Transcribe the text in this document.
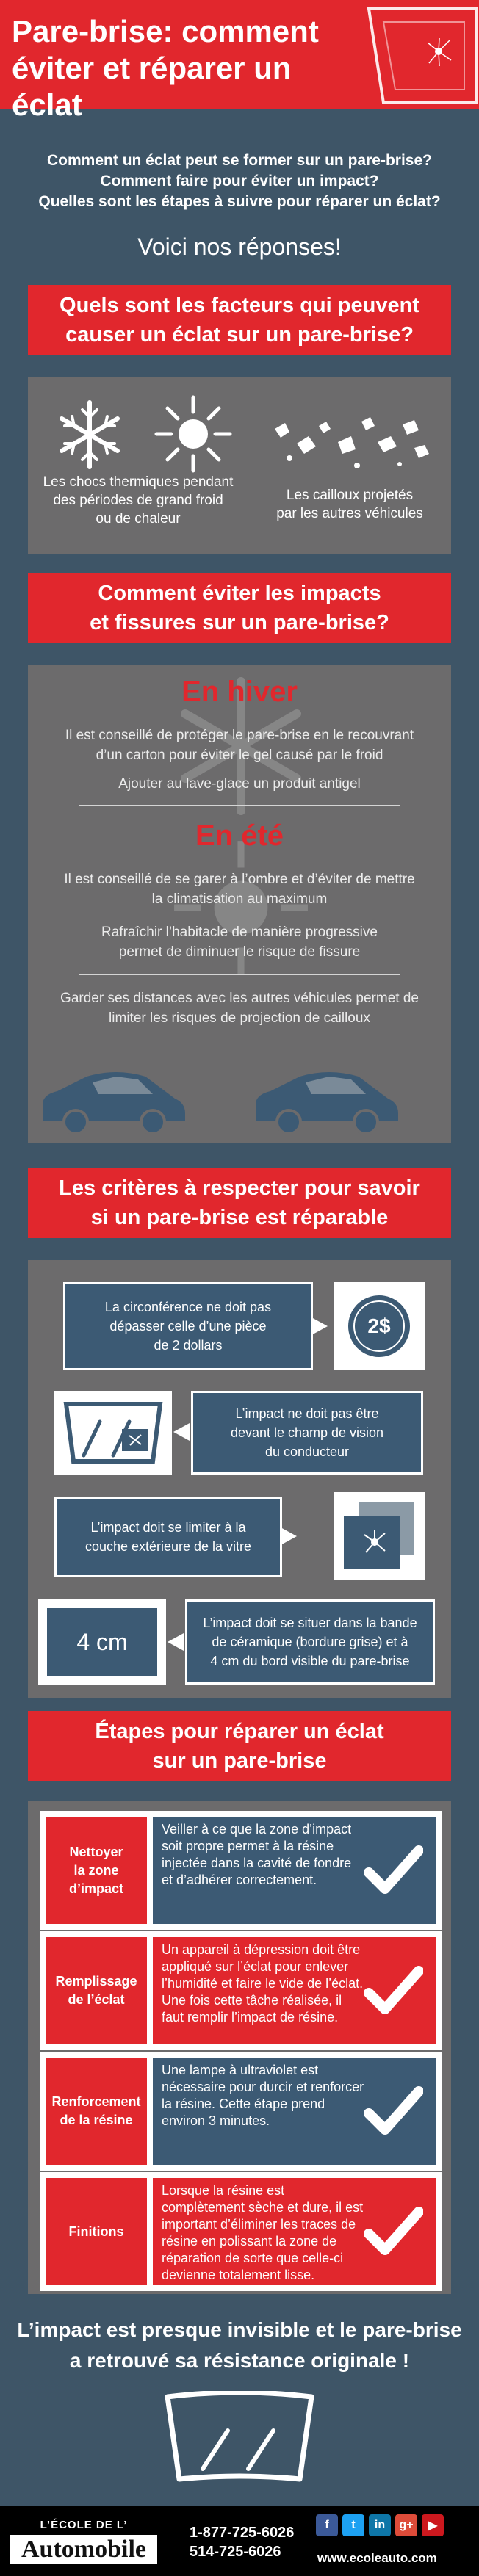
Pare-brise: comment
éviter et réparer un éclat
Comment un éclat peut se former sur un pare-brise?
Comment faire pour éviter un impact?
Quelles sont les étapes à suivre pour réparer un éclat?
Voici nos réponses!
Quels sont les facteurs qui peuvent
causer un éclat sur un pare-brise?
Les chocs thermiques pendant
des périodes de grand froid
ou de chaleur
Les cailloux projetés
par les autres véhicules
Comment éviter les impacts
et fissures sur un pare-brise?
En hiver
Il est conseillé de protéger le pare-brise en le recouvrant
d’un carton pour éviter le gel causé par le froid
Ajouter au lave-glace un produit antigel
En été
Il est conseillé de se garer à l’ombre et d’éviter de mettre
la climatisation au maximum
Rafraîchir l’habitacle de manière progressive
permet de diminuer le risque de fissure
Garder ses distances avec les autres véhicules permet de
limiter les risques de projection de cailloux
Les critères à respecter pour savoir
si un pare-brise est réparable
La circonférence ne doit pas
dépasser celle d’une pièce
de 2 dollars
2$
L’impact ne doit pas être
devant le champ de vision
du conducteur
L’impact doit se limiter à la
couche extérieure de la vitre
4 cm
L’impact doit se situer dans la bande
de céramique (bordure grise) et à
4 cm du bord visible du pare-brise
Étapes pour réparer un éclat
sur un pare-brise
Nettoyer
la zone
d’impact
Veiller à ce que la zone d’impact soit propre permet à la résine injectée dans la cavité de fondre et d’adhérer correctement.
Remplissage
de l’éclat
Un appareil à dépression doit être appliqué sur l’éclat pour enlever l’humidité et faire le vide de l’éclat. Une fois cette tâche réalisée, il faut remplir l’impact de résine.
Renforcement
de la résine
Une lampe à ultraviolet est nécessaire pour durcir et renforcer la résine. Cette étape prend environ 3 minutes.
Finitions
Lorsque la résine est complètement sèche et dure, il est important d’éliminer les traces de résine en polissant la zone de réparation de sorte que celle-ci devienne totalement lisse.
L’impact est presque invisible et le pare-brise
a retrouvé sa résistance originale !
L’ÉCOLE DE L’
Automobile
1-877-725-6026
514-725-6026
f	t	in	g+	▶
www.ecoleauto.com
